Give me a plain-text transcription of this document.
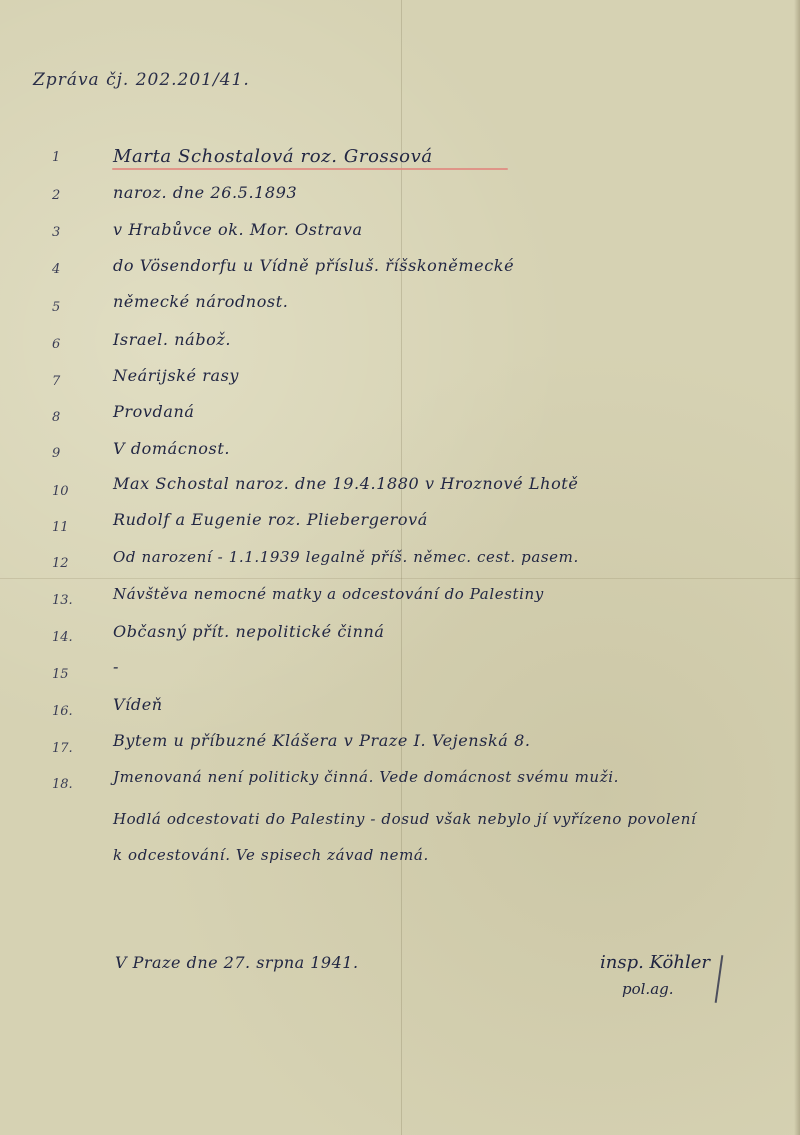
Zpráva čj. 202.201/41.
1	Marta Schostalová roz. Grossová
2	naroz. dne 26.5.1893
3	v Hrabůvce ok. Mor. Ostrava
4	do Vösendorfu u Vídně přísluš. říšskoněmecké
5	německé národnost.
6	Israel. nábož.
7	Neárijské rasy
8	Provdaná
9	V domácnost.
10	Max Schostal naroz. dne 19.4.1880 v Hroznové Lhotě
11	Rudolf a Eugenie roz. Pliebergerová
12	Od narození - 1.1.1939 legalně příš. němec. cest. pasem.
13.	Návštěva nemocné matky a odcestování do Palestiny
14.	Občasný přít. nepolitické činná
15	-
16.	Vídeň
17.	Bytem u příbuzné Klášera v Praze I. Vejenská 8.
18.	Jmenovaná není politicky činná. Vede domácnost svému muži.
Hodlá odcestovati do Palestiny - dosud však nebylo jí vyřízeno povolení
k odcestování. Ve spisech závad nemá.
V Praze dne 27. srpna 1941.	insp. Köhler
pol.ag.
